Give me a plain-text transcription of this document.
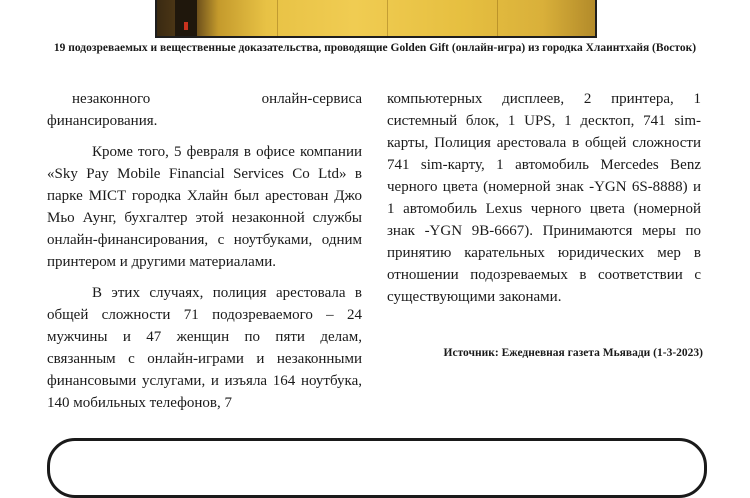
19 подозреваемых и вещественные доказательства, проводящие Golden Gift (онлайн-игра) из городка Хлаинтхайя (Восток)

незаконного онлайн-сервиса

финансирования.

Кроме того, 5 февраля в офисе компании «Sky Pay Mobile Financial Services Co Ltd» в парке MICT городка Хлайн был арестован Джо Мьо Аунг, бухгалтер этой незаконной службы онлайн-финансирования, с ноутбуками, одним принтером и другими материалами.

В этих случаях, полиция арестовала в общей сложности 71 подозреваемого – 24 мужчины и 47 женщин по пяти делам, связанным с онлайн-играми и незаконными финансовыми услугами, и изъяла 164 ноутбука, 140 мобильных телефонов, 7

компьютерных дисплеев, 2 принтера, 1 системный блок, 1 UPS, 1 десктоп, 741 sim-карты, Полиция арестовала в общей сложности 741 sim-карту, 1 автомобиль Mercedes Benz черного цвета (номерной знак -YGN 6S-8888) и 1 автомобиль Lexus черного цвета (номерной знак -YGN 9B-6667). Принимаются меры по принятию карательных юридических мер в отношении подозреваемых в соответствии с существующими законами.

Источник: Ежедневная газета Мьявади (1-3-2023)
